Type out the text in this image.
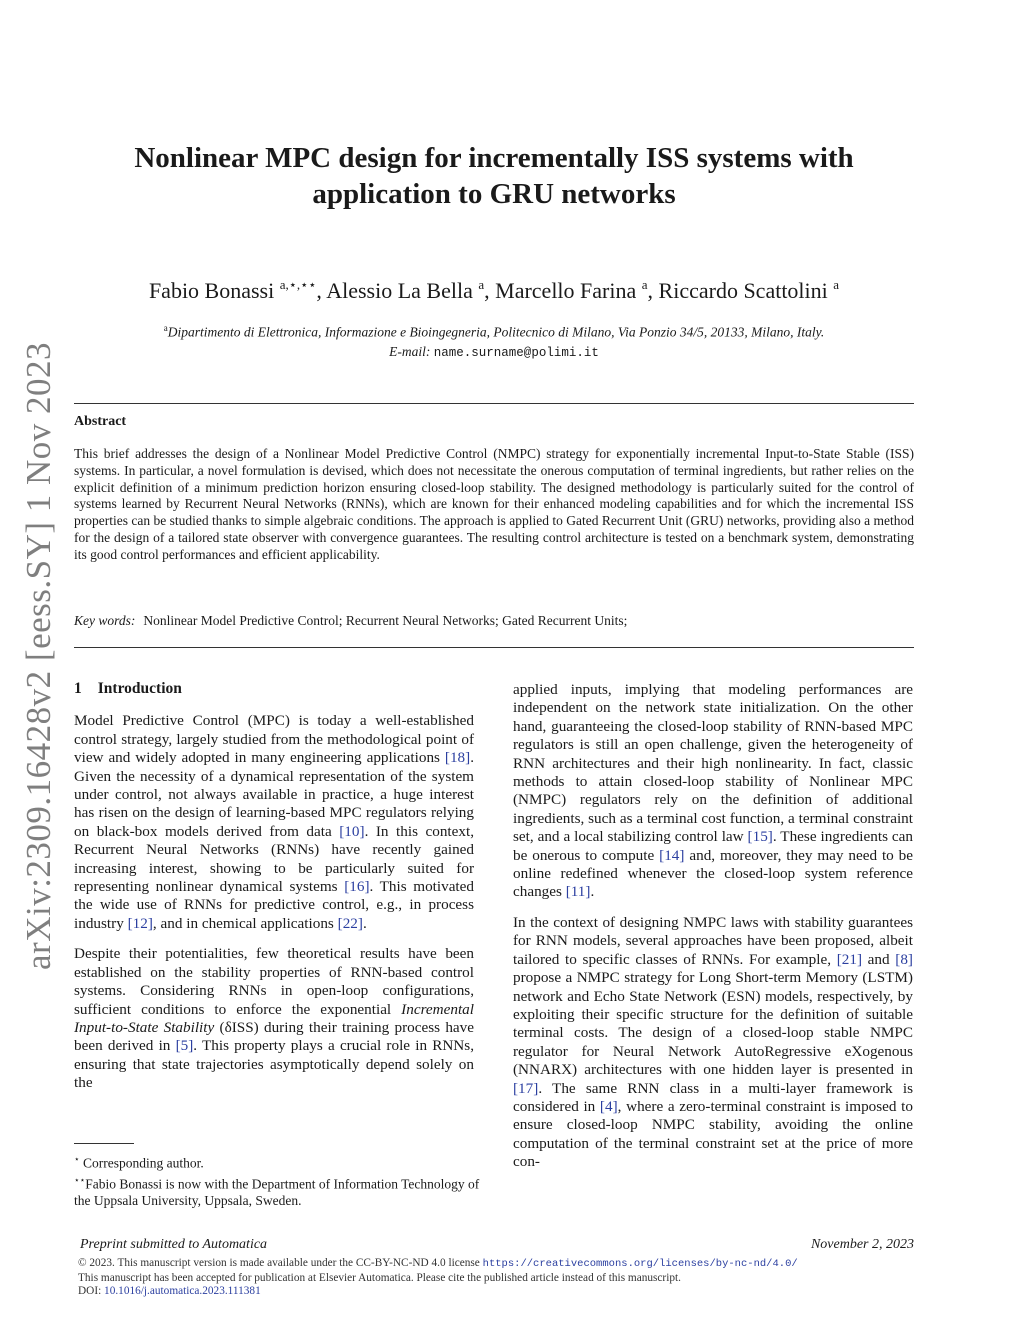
arXiv:2309.16428v2 [eess.SY] 1 Nov 2023
Nonlinear MPC design for incrementally ISS systems with
application to GRU networks
Fabio Bonassi $^{a,⋆,⋆⋆}$, Alessio La Bella $^a$, Marcello Farina $^a$, Riccardo Scattolini $^a$
$^a$Dipartimento di Elettronica, Informazione e Bioingegneria, Politecnico di Milano, Via Ponzio 34/5, 20133, Milano, Italy.
E-mail: name.surname@polimi.it
Abstract
This brief addresses the design of a Nonlinear Model Predictive Control (NMPC) strategy for exponentially incremental Input-to-State Stable (ISS) systems. In particular, a novel formulation is devised, which does not necessitate the onerous computation of terminal ingredients, but rather relies on the explicit definition of a minimum prediction horizon ensuring closed-loop stability. The designed methodology is particularly suited for the control of systems learned by Recurrent Neural Networks (RNNs), which are known for their enhanced modeling capabilities and for which the incremental ISS properties can be studied thanks to simple algebraic conditions. The approach is applied to Gated Recurrent Unit (GRU) networks, providing also a method for the design of a tailored state observer with convergence guarantees. The resulting control architecture is tested on a benchmark system, demonstrating its good control performances and efficient applicability.
Key words: Nonlinear Model Predictive Control; Recurrent Neural Networks; Gated Recurrent Units;
1 Introduction

Model Predictive Control (MPC) is today a well-established control strategy, largely studied from the methodological point of view and widely adopted in many engineering applications [18]. Given the necessity of a dynamical representation of the system under control, not always available in practice, a huge interest has risen on the design of learning-based MPC regulators relying on black-box models derived from data [10]. In this context, Recurrent Neural Networks (RNNs) have recently gained increasing interest, showing to be particularly suited for representing nonlinear dynamical systems [16]. This motivated the wide use of RNNs for predictive control, e.g., in process industry [12], and in chemical applications [22].

Despite their potentialities, few theoretical results have been established on the stability properties of RNN-based control systems. Considering RNNs in open-loop configurations, sufficient conditions to enforce the exponential Incremental Input-to-State Stability (δISS) during their training process have been derived in [5]. This property plays a crucial role in RNNs, ensuring that state trajectories asymptotically depend solely on the

⋆ Corresponding author.
⋆⋆Fabio Bonassi is now with the Department of Information Technology of the Uppsala University, Uppsala, Sweden.

applied inputs, implying that modeling performances are independent on the network state initialization. On the other hand, guaranteeing the closed-loop stability of RNN-based MPC regulators is still an open challenge, given the heterogeneity of RNN architectures and their high nonlinearity. In fact, classic methods to attain closed-loop stability of Nonlinear MPC (NMPC) regulators rely on the definition of additional ingredients, such as a terminal cost function, a terminal constraint set, and a local stabilizing control law [15]. These ingredients can be onerous to compute [14] and, moreover, they may need to be online redefined whenever the closed-loop system reference changes [11].

In the context of designing NMPC laws with stability guarantees for RNN models, several approaches have been proposed, albeit tailored to specific classes of RNNs. For example, [21] and [8] propose a NMPC strategy for Long Short-term Memory (LSTM) network and Echo State Network (ESN) models, respectively, by exploiting their specific structure for the definition of suitable terminal costs. The design of a closed-loop stable NMPC regulator for Neural Network AutoRegressive eXogenous (NNARX) architectures with one hidden layer is presented in [17]. The same RNN class in a multi-layer framework is considered in [4], where a zero-terminal constraint is imposed to ensure closed-loop NMPC stability, avoiding the online computation of the terminal constraint set at the price of more con-

Preprint submitted to Automatica	November 2, 2023
© 2023. This manuscript version is made available under the CC-BY-NC-ND 4.0 license https://creativecommons.org/licenses/by-nc-nd/4.0/
This manuscript has been accepted for publication at Elsevier Automatica. Please cite the published article instead of this manuscript.
DOI: 10.1016/j.automatica.2023.111381
